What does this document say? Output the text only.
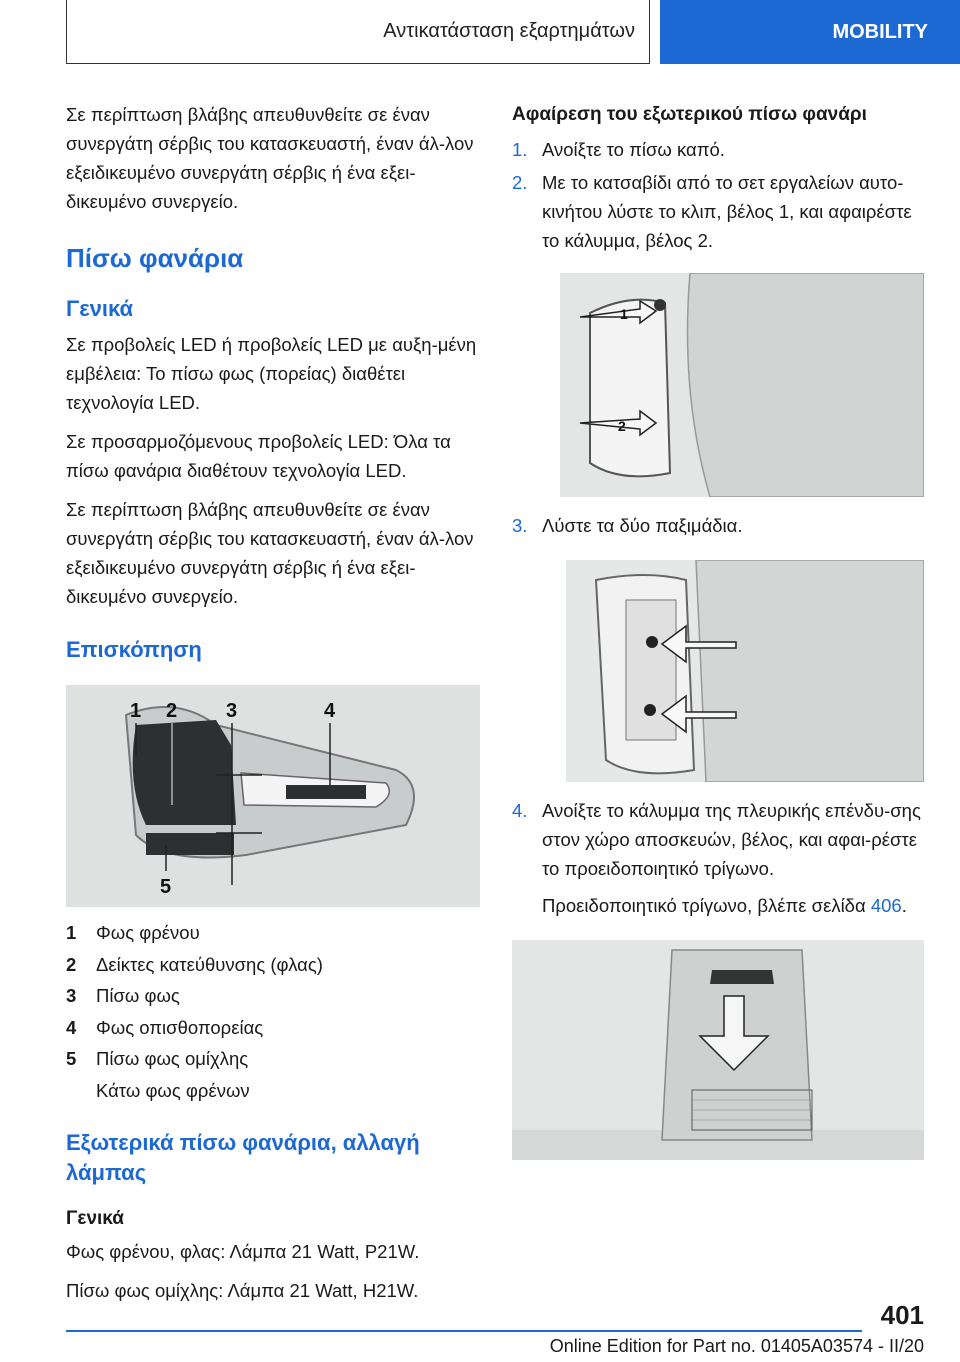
Αντικατάσταση εξαρτημάτων	MOBILITY

Σε περίπτωση βλάβης απευθυνθείτε σε έναν συνεργάτη σέρβις του κατασκευαστή, έναν άλ-λον εξειδικευμένο συνεργάτη σέρβις ή ένα εξει-δικευμένο συνεργείο.

Πίσω φανάρια
Γενικά

Σε προβολείς LED ή προβολείς LED με αυξη-μένη εμβέλεια: Το πίσω φως (πορείας) διαθέτει τεχνολογία LED.

Σε προσαρμοζόμενους προβολείς LED: Όλα τα πίσω φανάρια διαθέτουν τεχνολογία LED.

Σε περίπτωση βλάβης απευθυνθείτε σε έναν συνεργάτη σέρβις του κατασκευαστή, έναν άλ-λον εξειδικευμένο συνεργάτη σέρβις ή ένα εξει-δικευμένο συνεργείο.

Επισκόπηση
1 2 3	4
5
1	Φως φρένου
2	Δείκτες κατεύθυνσης (φλας)
3	Πίσω φως
4	Φως οπισθοπορείας
5	Πίσω φως ομίχλης
Κάτω φως φρένων
Εξωτερικά πίσω φανάρια, αλλαγή λάμπας
Γενικά

Φως φρένου, φλας: Λάμπα 21 Watt, P21W.

Πίσω φως ομίχλης: Λάμπα 21 Watt, H21W.

Αφαίρεση του εξωτερικού πίσω φανάρι
1. Ανοίξτε το πίσω καπό.
2. Με το κατσαβίδι από το σετ εργαλείων αυτο-κινήτου λύστε το κλιπ, βέλος 1, και αφαιρέστε το κάλυμμα, βέλος 2.
1
2
3. Λύστε τα δύο παξιμάδια.
4. Ανοίξτε το κάλυμμα της πλευρικής επένδυ-σης στον χώρο αποσκευών, βέλος, και αφαι-ρέστε το προειδοποιητικό τρίγωνο.

Προειδοποιητικό τρίγωνο, βλέπε σελίδα 406.

401
Online Edition for Part no. 01405A03574 - II/20
